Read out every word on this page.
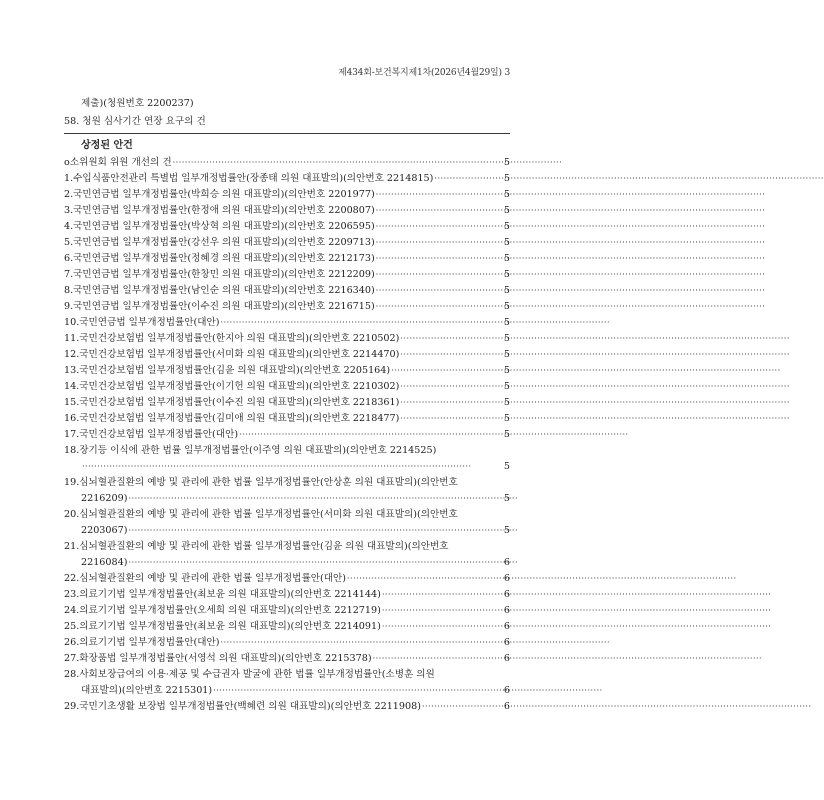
제434회-보건복지제1차(2026년4월29일) 3
제출)(청원번호 2200237)
58. 청원 심사기간 연장 요구의 건
상정된 안건
o 소위원회 위원 개선의 건 ·····	5
1. 수입식품안전관리 특별법 일부개정법률안(장종태 의원 대표발의)(의안번호 2214815) ·····	5
2. 국민연금법 일부개정법률안(박희승 의원 대표발의)(의안번호 2201977) ·····	5
3. 국민연금법 일부개정법률안(한정애 의원 대표발의)(의안번호 2200807) ·····	5
4. 국민연금법 일부개정법률안(박상혁 의원 대표발의)(의안번호 2206595) ·····	5
5. 국민연금법 일부개정법률안(강선우 의원 대표발의)(의안번호 2209713) ·····	5
6. 국민연금법 일부개정법률안(정혜경 의원 대표발의)(의안번호 2212173) ·····	5
7. 국민연금법 일부개정법률안(한창민 의원 대표발의)(의안번호 2212209) ·····	5
8. 국민연금법 일부개정법률안(남인순 의원 대표발의)(의안번호 2216340) ·····	5
9. 국민연금법 일부개정법률안(이수진 의원 대표발의)(의안번호 2216715) ·····	5
10. 국민연금법 일부개정법률안(대안) ·····	5
11. 국민건강보험법 일부개정법률안(한지아 의원 대표발의)(의안번호 2210502) ·····	5
12. 국민건강보험법 일부개정법률안(서미화 의원 대표발의)(의안번호 2214470) ·····	5
13. 국민건강보험법 일부개정법률안(김윤 의원 대표발의)(의안번호 2205164) ·····	5
14. 국민건강보험법 일부개정법률안(이기헌 의원 대표발의)(의안번호 2210302) ·····	5
15. 국민건강보험법 일부개정법률안(이수진 의원 대표발의)(의안번호 2218361) ·····	5
16. 국민건강보험법 일부개정법률안(김미애 의원 대표발의)(의안번호 2218477) ·····	5
17. 국민건강보험법 일부개정법률안(대안) ·····	5
18. 장기등 이식에 관한 법률 일부개정법률안(이주영 의원 대표발의)(의안번호 2214525)
·····
5
19. 심뇌혈관질환의 예방 및 관리에 관한 법률 일부개정법률안(안상훈 의원 대표발의)(의안번호
2216209) ·····	5
20. 심뇌혈관질환의 예방 및 관리에 관한 법률 일부개정법률안(서미화 의원 대표발의)(의안번호
2203067) ·····	5
21. 심뇌혈관질환의 예방 및 관리에 관한 법률 일부개정법률안(김윤 의원 대표발의)(의안번호
2216084) ·····	6
22. 심뇌혈관질환의 예방 및 관리에 관한 법률 일부개정법률안(대안) ·····	6
23. 의료기기법 일부개정법률안(최보윤 의원 대표발의)(의안번호 2214144) ·····	6
24. 의료기기법 일부개정법률안(오세희 의원 대표발의)(의안번호 2212719) ·····	6
25. 의료기기법 일부개정법률안(최보윤 의원 대표발의)(의안번호 2214091) ·····	6
26. 의료기기법 일부개정법률안(대안) ·····	6
27. 화장품법 일부개정법률안(서영석 의원 대표발의)(의안번호 2215378) ·····	6
28. 사회보장급여의 이용·제공 및 수급권자 발굴에 관한 법률 일부개정법률안(소병훈 의원
대표발의)(의안번호 2215301) ·····	6
29. 국민기초생활 보장법 일부개정법률안(백혜련 의원 대표발의)(의안번호 2211908) ·····	6
